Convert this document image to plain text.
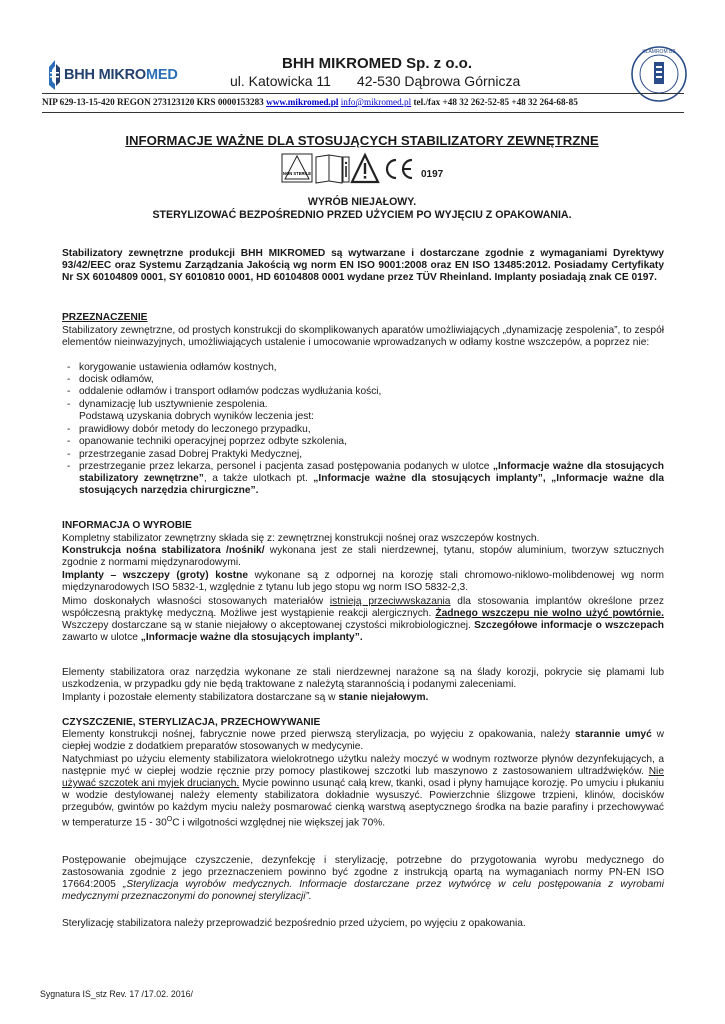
BHH MIKROMED
BHH MIKROMED Sp. z o.o.
ul. Katowicka 11 42-530 Dąbrowa Górnicza
KLAMROM BB
NIP 629-13-15-420 REGON 273123120 KRS 0000153283 www.mikromed.pl info@mikromed.pl tel./fax +48 32 262-52-85 +48 32 264-68-85
INFORMACJE WAŻNE DLA STOSUJĄCYCH STABILIZATORY ZEWNĘTRZNE
NON STERILE	0197
WYRÓB NIEJAŁOWY.
STERYLIZOWAĆ BEZPOŚREDNIO PRZED UŻYCIEM PO WYJĘCIU Z OPAKOWANIA.
Stabilizatory zewnętrzne produkcji BHH MIKROMED są wytwarzane i dostarczane zgodnie z wymaganiami Dyrektywy 93/42/EEC oraz Systemu Zarządzania Jakością wg norm EN ISO 9001:2008 oraz EN ISO 13485:2012. Posiadamy Certyfikaty Nr SX 60104809 0001, SY 6010810 0001, HD 60104808 0001 wydane przez TÜV Rheinland. Implanty posiadają znak CE 0197.
PRZEZNACZENIE
Stabilizatory zewnętrzne, od prostych konstrukcji do skomplikowanych aparatów umożliwiających „dynamizację zespolenia”, to zespół elementów nieinwazyjnych, umożliwiających ustalenie i umocowanie wprowadzanych w odłamy kostne wszczepów, a poprzez nie:
- korygowanie ustawienia odłamów kostnych,
- docisk odłamów,
- oddalenie odłamów i transport odłamów podczas wydłużania kości,
- dynamizację lub usztywnienie zespolenia.
Podstawą uzyskania dobrych wyników leczenia jest:
- prawidłowy dobór metody do leczonego przypadku,
- opanowanie techniki operacyjnej poprzez odbyte szkolenia,
- przestrzeganie zasad Dobrej Praktyki Medycznej,
- przestrzeganie przez lekarza, personel i pacjenta zasad postępowania podanych w ulotce „Informacje ważne dla stosujących stabilizatory zewnętrzne”, a także ulotkach pt. „Informacje ważne dla stosujących implanty”, „Informacje ważne dla stosujących narzędzia chirurgiczne”.
INFORMACJA O WYROBIE
Kompletny stabilizator zewnętrzny składa się z: zewnętrznej konstrukcji nośnej oraz wszczepów kostnych.
Konstrukcja nośna stabilizatora /nośnik/ wykonana jest ze stali nierdzewnej, tytanu, stopów aluminium, tworzyw sztucznych zgodnie z normami międzynarodowymi.
Implanty – wszczepy (groty) kostne wykonane są z odpornej na korozję stali chromowo-niklowo-molibdenowej wg norm międzynarodowych ISO 5832-1, względnie z tytanu lub jego stopu wg norm ISO 5832-2,3.
Mimo doskonałych własności stosowanych materiałów istnieją przeciwwskazania dla stosowania implantów określone przez współczesną praktykę medyczną. Możliwe jest wystąpienie reakcji alergicznych. Żadnego wszczepu nie wolno użyć powtórnie. Wszczepy dostarczane są w stanie niejałowy o akceptowanej czystości mikrobiologicznej. Szczegółowe informacje o wszczepach zawarto w ulotce „Informacje ważne dla stosujących implanty”.
Elementy stabilizatora oraz narzędzia wykonane ze stali nierdzewnej narażone są na ślady korozji, pokrycie się plamami lub uszkodzenia, w przypadku gdy nie będą traktowane z należytą starannością i podanymi zaleceniami.
Implanty i pozostałe elementy stabilizatora dostarczane są w stanie niejałowym.
CZYSZCZENIE, STERYLIZACJA, PRZECHOWYWANIE
Elementy konstrukcji nośnej, fabrycznie nowe przed pierwszą sterylizacja, po wyjęciu z opakowania, należy starannie umyć w ciepłej wodzie z dodatkiem preparatów stosowanych w medycynie.
Natychmiast po użyciu elementy stabilizatora wielokrotnego użytku należy moczyć w wodnym roztworze płynów dezynfekujących, a następnie myć w ciepłej wodzie ręcznie przy pomocy plastikowej szczotki lub maszynowo z zastosowaniem ultradźwięków. Nie używać szczotek ani myjek drucianych. Mycie powinno usunąć całą krew, tkanki, osad i płyny hamujące korozję. Po umyciu i płukaniu w wodzie destylowanej należy elementy stabilizatora dokładnie wysuszyć. Powierzchnie ślizgowe trzpieni, klinów, docisków przegubów, gwintów po każdym myciu należy posmarować cienką warstwą aseptycznego środka na bazie parafiny i przechowywać w temperaturze $15 - 30^OC$ i wilgotności względnej nie większej jak 70%.
Postępowanie obejmujące czyszczenie, dezynfekcję i sterylizację, potrzebne do przygotowania wyrobu medycznego do zastosowania zgodnie z jego przeznaczeniem powinno być zgodne z instrukcją opartą na wymaganiach normy PN-EN ISO 17664:2005 „Sterylizacja wyrobów medycznych. Informacje dostarczane przez wytwórcę w celu postępowania z wyrobami medycznymi przeznaczonymi do ponownej sterylizacji”.
Sterylizację stabilizatora należy przeprowadzić bezpośrednio przed użyciem, po wyjęciu z opakowania.
Sygnatura IS_stz Rev. 17 /17.02. 2016/
